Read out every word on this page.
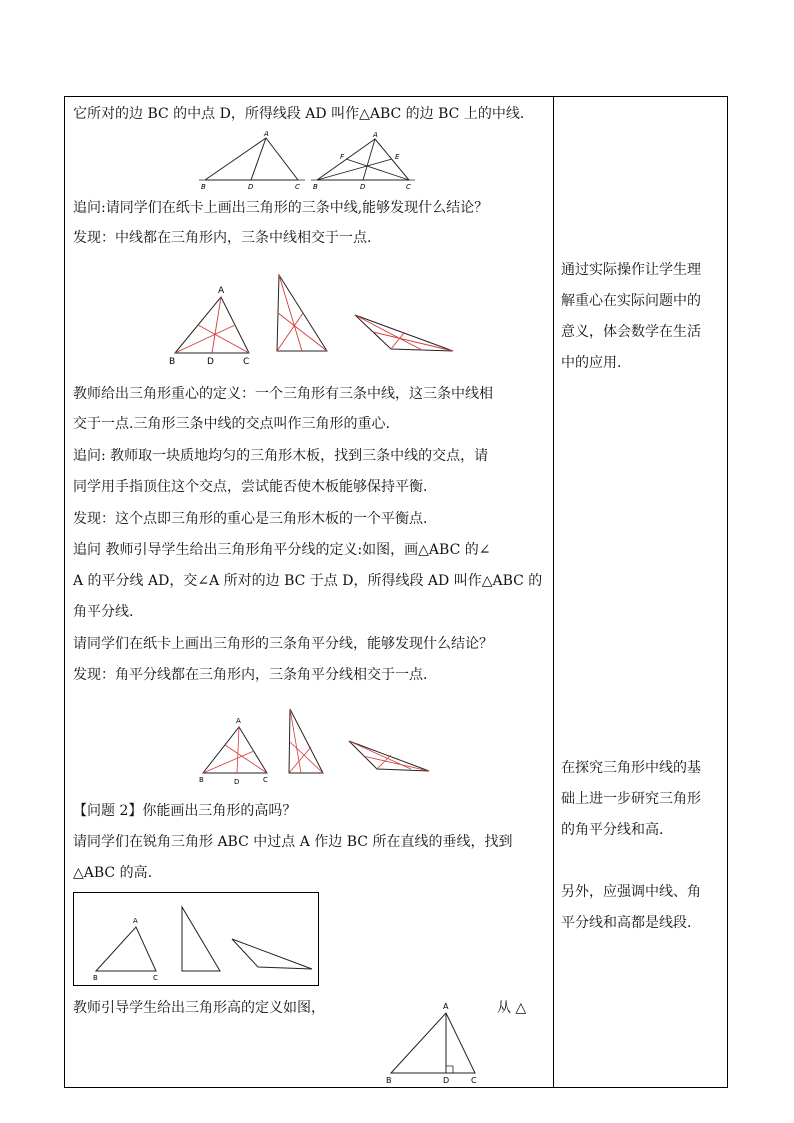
它所对的边 BC 的中点 D，所得线段 AD 叫作△ABC 的边 BC 上的中线.
A
B	D	C
A
F	E
B	D	C
追问:请同学们在纸卡上画出三角形的三条中线,能够发现什么结论？
发现：中线都在三角形内，三条中线相交于一点.
A
B	D	C
教师给出三角形重心的定义：一个三角形有三条中线，这三条中线相
交于一点.三角形三条中线的交点叫作三角形的重心.
追问: 教师取一块质地均匀的三角形木板，找到三条中线的交点，请
同学用手指顶住这个交点，尝试能否使木板能够保持平衡.
发现：这个点即三角形的重心是三角形木板的一个平衡点.
追问 教师引导学生给出三角形角平分线的定义:如图，画△ABC 的∠
A 的平分线 AD，交∠A 所对的边 BC 于点 D，所得线段 AD 叫作△ABC 的
角平分线.
请同学们在纸卡上画出三角形的三条角平分线，能够发现什么结论？
发现：角平分线都在三角形内，三条角平分线相交于一点.
A
B	D	C
【问题 2】你能画出三角形的高吗？
请同学们在锐角三角形 ABC 中过点 A 作边 BC 所在直线的垂线，找到
△ABC 的高.
A
B	C
教师引导学生给出三角形高的定义如图，	从 △
A
B	D	C
通过实际操作让学生理
解重心在实际问题中的
意义，体会数学在生活
中的应用.
在探究三角形中线的基
础上进一步研究三角形
的角平分线和高.
另外，应强调中线、角
平分线和高都是线段.
